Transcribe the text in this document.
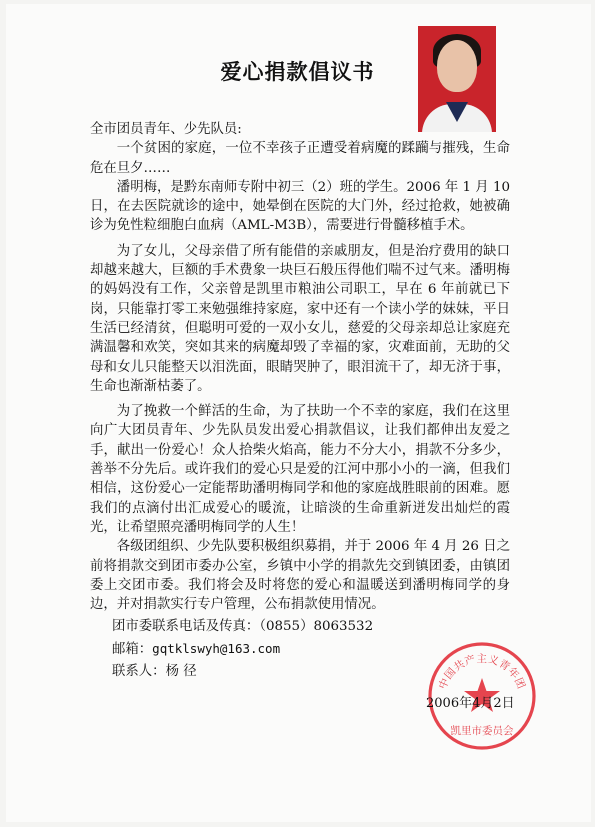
爱心捐款倡议书

全市团员青年、少先队员:

一个贫困的家庭，一位不幸孩子正遭受着病魔的蹂躏与摧残，生命危在旦夕……

潘明梅，是黔东南师专附中初三（2）班的学生。2006 年 1 月 10 日，在去医院就诊的途中，她晕倒在医院的大门外，经过抢救，她被确诊为免性粒细胞白血病（AML-M3B），需要进行骨髓移植手术。

为了女儿，父母亲借了所有能借的亲戚朋友，但是治疗费用的缺口却越来越大，巨额的手术费象一块巨石般压得他们喘不过气来。潘明梅的妈妈没有工作，父亲曾是凯里市粮油公司职工，早在 6 年前就已下岗，只能靠打零工来勉强维持家庭，家中还有一个读小学的妹妹，平日生活已经清贫，但聪明可爱的一双小女儿，慈爱的父母亲却总让家庭充满温馨和欢笑，突如其来的病魔却毁了幸福的家，灾难面前，无助的父母和女儿只能整天以泪洗面，眼睛哭肿了，眼泪流干了，却无济于事，生命也渐渐枯萎了。

为了挽救一个鲜活的生命，为了扶助一个不幸的家庭，我们在这里向广大团员青年、少先队员发出爱心捐款倡议，让我们都伸出友爱之手，献出一份爱心！众人拾柴火焰高，能力不分大小，捐款不分多少，善举不分先后。或许我们的爱心只是爱的江河中那小小的一滴，但我们相信，这份爱心一定能帮助潘明梅同学和他的家庭战胜眼前的困难。愿我们的点滴付出汇成爱心的暖流，让暗淡的生命重新迸发出灿烂的霞光，让希望照亮潘明梅同学的人生！

各级团组织、少先队要积极组织募捐，并于 2006 年 4 月 26 日之前将捐款交到团市委办公室，乡镇中小学的捐款先交到镇团委，由镇团委上交团市委。我们将会及时将您的爱心和温暖送到潘明梅同学的身边，并对捐款实行专户管理，公布捐款使用情况。

团市委联系电话及传真：（0855）8063532
邮箱：gqtklswyh@163.com
联系人：杨 径
中国共产主义青年团
凯里市委员会
2006年4月2日
